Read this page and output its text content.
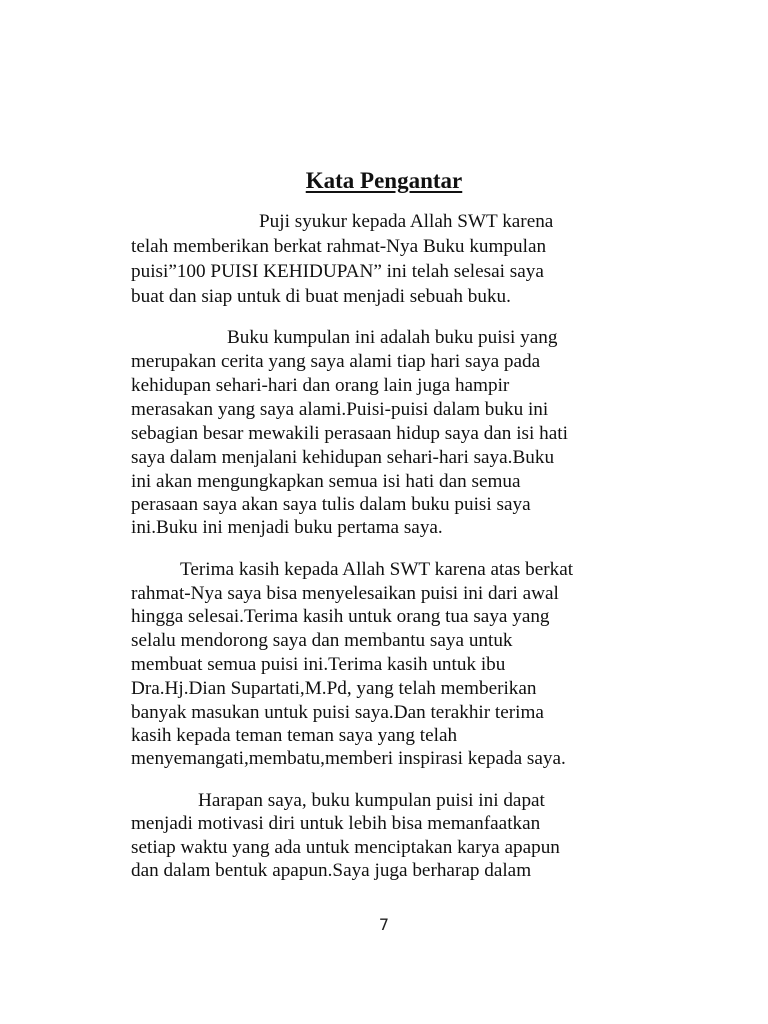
Kata Pengantar

Puji syukur kepada Allah SWT karena

telah memberikan berkat rahmat-Nya Buku kumpulan

puisi”100 PUISI KEHIDUPAN” ini telah selesai saya

buat dan siap untuk di buat menjadi sebuah buku.

Buku kumpulan ini adalah buku puisi yang

merupakan cerita yang saya alami tiap hari saya pada

kehidupan sehari-hari dan orang lain juga hampir

merasakan yang saya alami.Puisi-puisi dalam buku ini

sebagian besar mewakili perasaan hidup saya dan isi hati

saya dalam menjalani kehidupan sehari-hari saya.Buku

ini akan mengungkapkan semua isi hati dan semua

perasaan saya akan saya tulis dalam buku puisi saya

ini.Buku ini menjadi buku pertama saya.

Terima kasih kepada Allah SWT karena atas berkat

rahmat-Nya saya bisa menyelesaikan puisi ini dari awal

hingga selesai.Terima kasih untuk orang tua saya yang

selalu mendorong saya dan membantu saya untuk

membuat semua puisi ini.Terima kasih untuk ibu

Dra.Hj.Dian Supartati,M.Pd, yang telah memberikan

banyak masukan untuk puisi saya.Dan terakhir terima

kasih kepada teman teman saya yang telah

menyemangati,membatu,memberi inspirasi kepada saya.

Harapan saya, buku kumpulan puisi ini dapat

menjadi motivasi diri untuk lebih bisa memanfaatkan

setiap waktu yang ada untuk menciptakan karya apapun

dan dalam bentuk apapun.Saya juga berharap dalam

7
